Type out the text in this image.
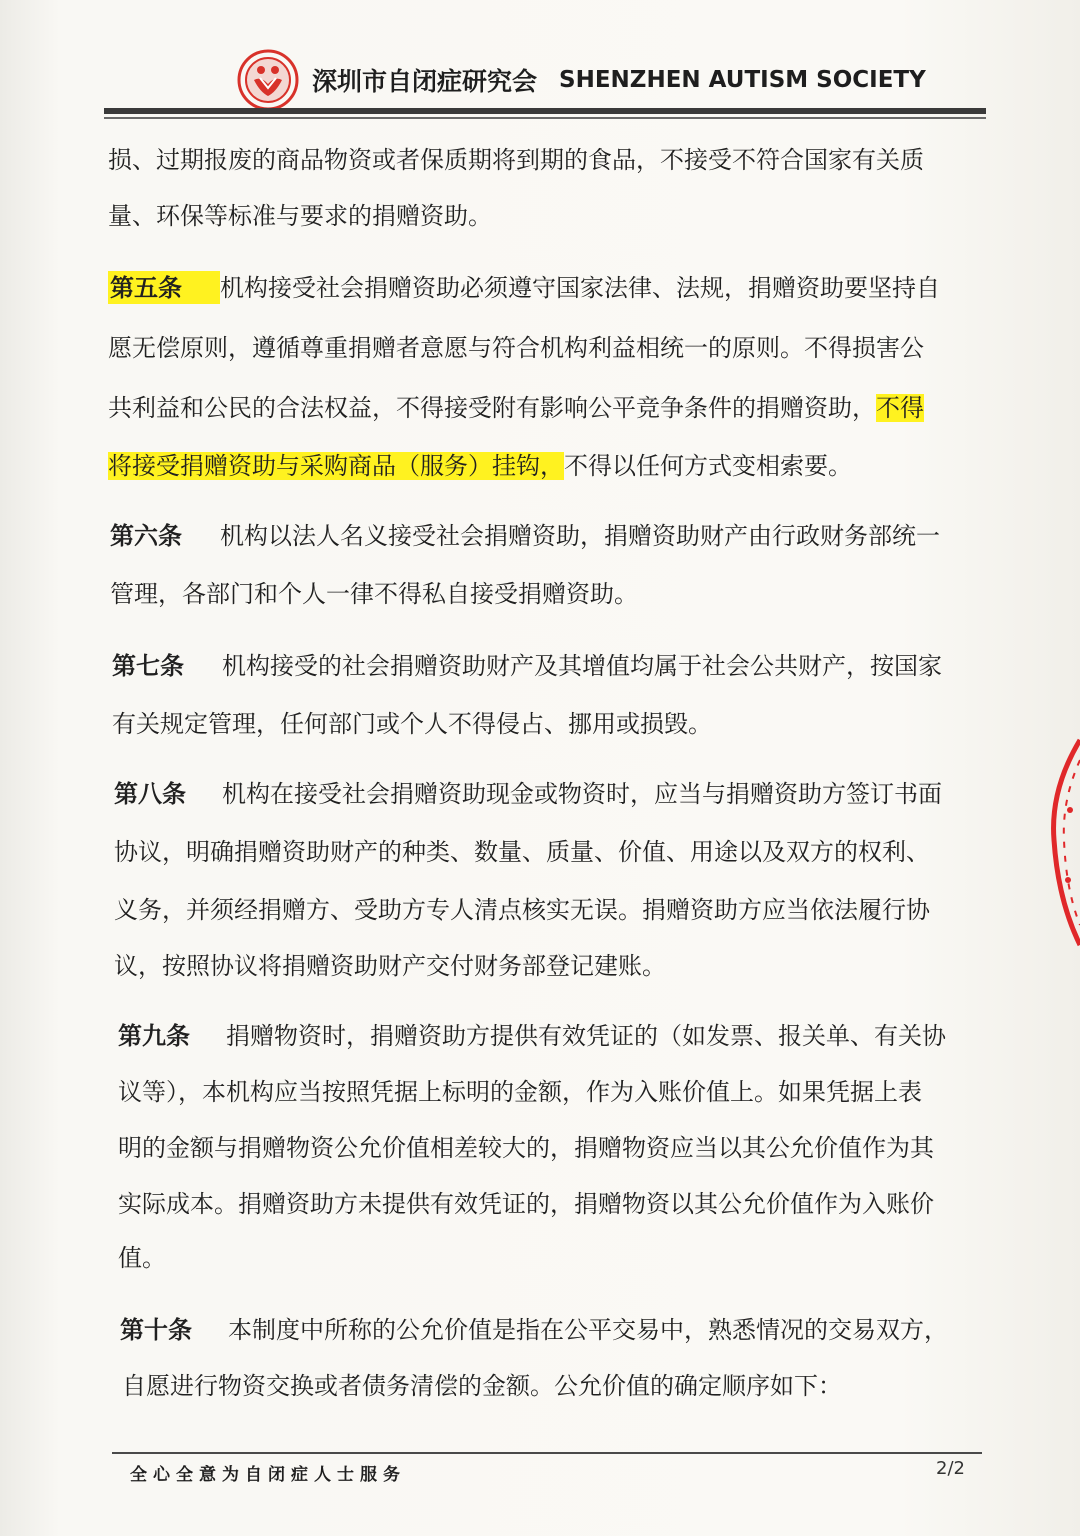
深圳市自闭症研究会 SHENZHEN AUTISM SOCIETY
损、过期报废的商品物资或者保质期将到期的食品，不接受不符合国家有关质
量、环保等标准与要求的捐赠资助。
第五条 机构接受社会捐赠资助必须遵守国家法律、法规，捐赠资助要坚持自
愿无偿原则，遵循尊重捐赠者意愿与符合机构利益相统一的原则。不得损害公
共利益和公民的合法权益，不得接受附有影响公平竞争条件的捐赠资助，不得
将接受捐赠资助与采购商品（服务）挂钩，不得以任何方式变相索要。
第六条 机构以法人名义接受社会捐赠资助，捐赠资助财产由行政财务部统一
管理，各部门和个人一律不得私自接受捐赠资助。
第七条 机构接受的社会捐赠资助财产及其增值均属于社会公共财产，按国家
有关规定管理，任何部门或个人不得侵占、挪用或损毁。
第八条 机构在接受社会捐赠资助现金或物资时，应当与捐赠资助方签订书面
协议，明确捐赠资助财产的种类、数量、质量、价值、用途以及双方的权利、
义务，并须经捐赠方、受助方专人清点核实无误。捐赠资助方应当依法履行协
议，按照协议将捐赠资助财产交付财务部登记建账。
第九条 捐赠物资时，捐赠资助方提供有效凭证的（如发票、报关单、有关协
议等），本机构应当按照凭据上标明的金额，作为入账价值上。如果凭据上表
明的金额与捐赠物资公允价值相差较大的，捐赠物资应当以其公允价值作为其
实际成本。捐赠资助方未提供有效凭证的，捐赠物资以其公允价值作为入账价
值。
第十条 本制度中所称的公允价值是指在公平交易中，熟悉情况的交易双方，
自愿进行物资交换或者债务清偿的金额。公允价值的确定顺序如下：
全心全意为自闭症人士服务	2/2
